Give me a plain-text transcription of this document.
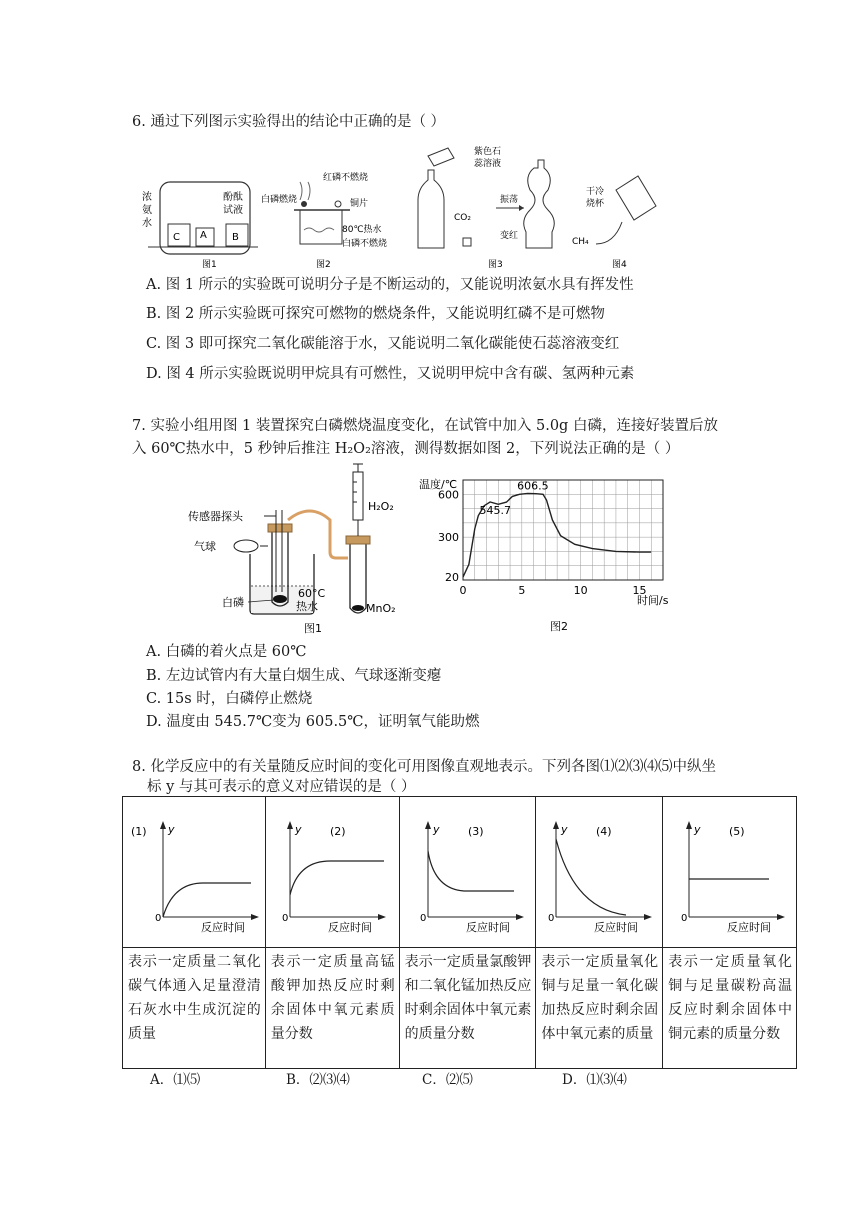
6. 通过下列图示实验得出的结论中正确的是（ ）
C A	B
浓
氨
水
酚酞
试液
图1
红磷不燃烧
白磷燃烧	铜片
80℃热水
白磷不燃烧
图2
紫色石
蕊溶液
CO₂
振荡
变红
图3
干冷
烧杯
CH₄
图4
A. 图 1 所示的实验既可说明分子是不断运动的，又能说明浓氨水具有挥发性
B. 图 2 所示实验既可探究可燃物的燃烧条件，又能说明红磷不是可燃物
C. 图 3 即可探究二氧化碳能溶于水，又能说明二氧化碳能使石蕊溶液变红
D. 图 4 所示实验既说明甲烷具有可燃性，又说明甲烷中含有碳、氢两种元素
7. 实验小组用图 1 装置探究白磷燃烧温度变化，在试管中加入 5.0g 白磷，连接好装置后放
入 60℃热水中，5 秒钟后推注 H₂O₂溶液，测得数据如图 2，下列说法正确的是（ ）
传感器探头
气球
白磷
60°C
热水
H₂O₂
MnO₂
图1
0	5	10	15
20
300
600
温度/℃
时间/s
图2
545.7
606.5
A. 白磷的着火点是 60℃
B. 左边试管内有大量白烟生成、气球逐渐变瘪
C. 15s 时，白磷停止燃烧
D. 温度由 545.7℃变为 605.5℃，证明氧气能助燃
8. 化学反应中的有关量随反应时间的变化可用图像直观地表示。下列各图⑴⑵⑶⑷⑸中纵坐
标 y 与其可表示的意义对应错误的是（ ）
y
0
反应时间
(1)	y
0
反应时间
(2)	y
0
反应时间
(3)	y
0
反应时间
(4)	y
0
反应时间
(5)

表示一定质量二氧化碳气体通入足量澄清石灰水中生成沉淀的质量	表示一定质量高锰酸钾加热反应时剩余固体中氧元素质量分数	表示一定质量氯酸钾和二氧化锰加热反应时剩余固体中氧元素的质量分数	表示一定质量氧化铜与足量一氧化碳加热反应时剩余固体中氧元素的质量	表示一定质量氧化铜与足量碳粉高温反应时剩余固体中铜元素的质量分数
A．⑴⑸	B．⑵⑶⑷	C．⑵⑸	D．⑴⑶⑷
